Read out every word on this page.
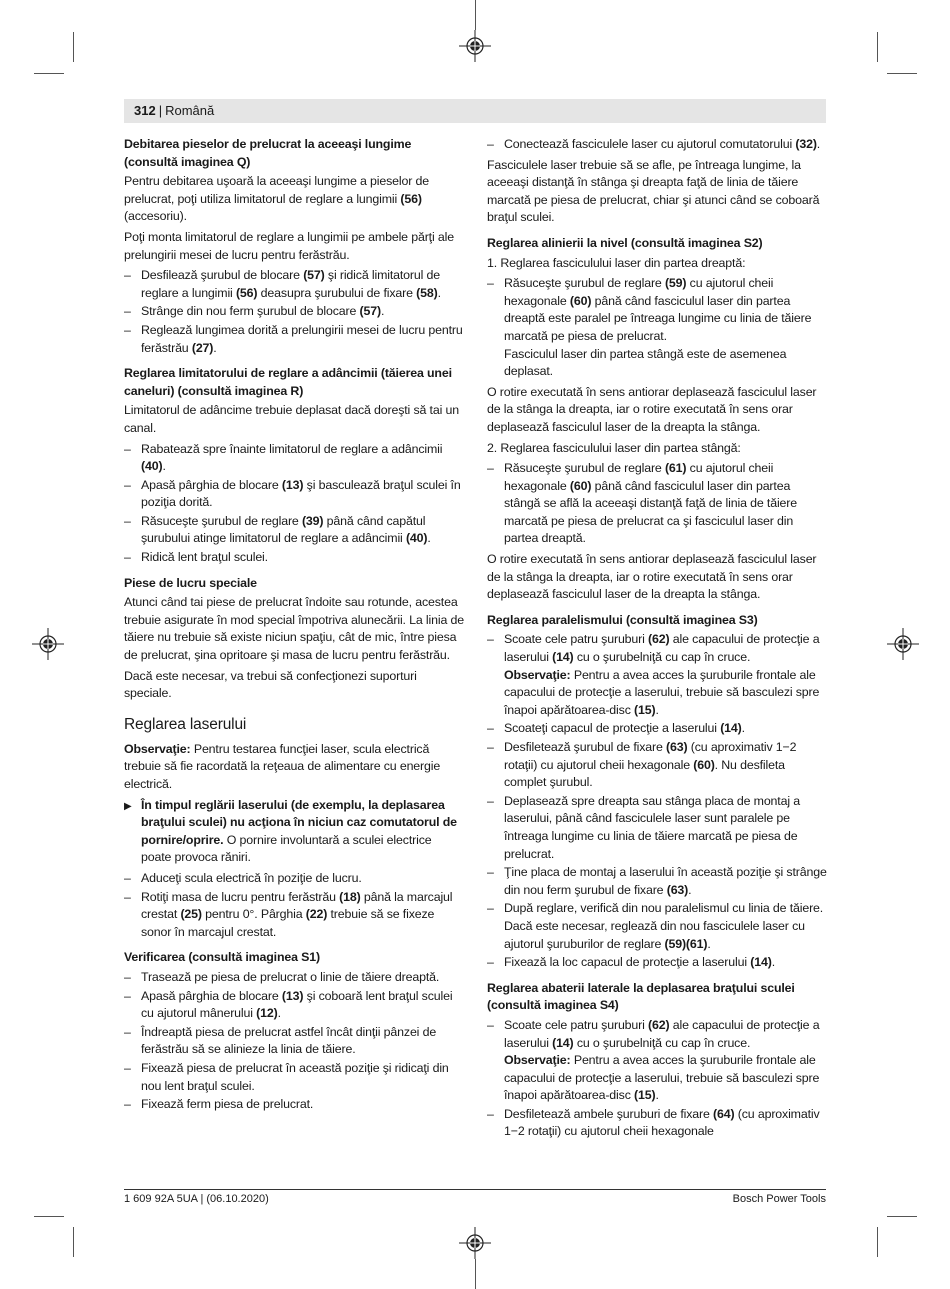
312 | Română
Debitarea pieselor de prelucrat la aceeaşi lungime (consultă imaginea Q)

Pentru debitarea uşoară la aceeaşi lungime a pieselor de prelucrat, poţi utiliza limitatorul de reglare a lungimii (56) (accesoriu).

Poţi monta limitatorul de reglare a lungimii pe ambele părţi ale prelungirii mesei de lucru pentru ferăstrău.

– Desfilează şurubul de blocare (57) şi ridică limitatorul de reglare a lungimii (56) deasupra şurubului de fixare (58).
– Strânge din nou ferm şurubul de blocare (57).
– Reglează lungimea dorită a prelungirii mesei de lucru pentru ferăstrău (27).
Reglarea limitatorului de reglare a adâncimii (tăierea unei caneluri) (consultă imaginea R)

Limitatorul de adâncime trebuie deplasat dacă doreşti să tai un canal.

– Rabatează spre înainte limitatorul de reglare a adâncimii (40).
– Apasă pârghia de blocare (13) şi basculează braţul sculei în poziţia dorită.
– Răsuceşte şurubul de reglare (39) până când capătul şurubului atinge limitatorul de reglare a adâncimii (40).
– Ridică lent braţul sculei.
Piese de lucru speciale

Atunci când tai piese de prelucrat îndoite sau rotunde, acestea trebuie asigurate în mod special împotriva alunecării. La linia de tăiere nu trebuie să existe niciun spaţiu, cât de mic, între piesa de prelucrat, şina opritoare şi masa de lucru pentru ferăstrău.

Dacă este necesar, va trebui să confecţionezi suporturi speciale.

Reglarea laserului

Observaţie: Pentru testarea funcţiei laser, scula electrică trebuie să fie racordată la reţeaua de alimentare cu energie electrică.

▶ În timpul reglării laserului (de exemplu, la deplasarea braţului sculei) nu acţiona în niciun caz comutatorul de pornire/oprire. O pornire involuntară a sculei electrice poate provoca răniri.
– Aduceţi scula electrică în poziţie de lucru.
– Rotiţi masa de lucru pentru ferăstrău (18) până la marcajul crestat (25) pentru 0°. Pârghia (22) trebuie să se fixeze sonor în marcajul crestat.
Verificarea (consultă imaginea S1)
– Trasează pe piesa de prelucrat o linie de tăiere dreaptă.
– Apasă pârghia de blocare (13) şi coboară lent braţul sculei cu ajutorul mânerului (12).
– Îndreaptă piesa de prelucrat astfel încât dinţii pânzei de ferăstrău să se alinieze la linia de tăiere.
– Fixează piesa de prelucrat în această poziţie şi ridicaţi din nou lent braţul sculei.
– Fixează ferm piesa de prelucrat.
– Conectează fasciculele laser cu ajutorul comutatorului (32).

Fasciculele laser trebuie să se afle, pe întreaga lungime, la aceeaşi distanţă în stânga şi dreapta faţă de linia de tăiere marcată pe piesa de prelucrat, chiar şi atunci când se coboară braţul sculei.

Reglarea alinierii la nivel (consultă imaginea S2)

1. Reglarea fasciculului laser din partea dreaptă:

– Răsuceşte şurubul de reglare (59) cu ajutorul cheii hexagonale (60) până când fasciculul laser din partea dreaptă este paralel pe întreaga lungime cu linia de tăiere marcată pe piesa de prelucrat.
Fasciculul laser din partea stângă este de asemenea deplasat.

O rotire executată în sens antiorar deplasează fasciculul laser de la stânga la dreapta, iar o rotire executată în sens orar deplasează fasciculul laser de la dreapta la stânga.

2. Reglarea fasciculului laser din partea stângă:

– Răsuceşte şurubul de reglare (61) cu ajutorul cheii hexagonale (60) până când fasciculul laser din partea stângă se află la aceeaşi distanţă faţă de linia de tăiere marcată pe piesa de prelucrat ca şi fasciculul laser din partea dreaptă.

O rotire executată în sens antiorar deplasează fasciculul laser de la stânga la dreapta, iar o rotire executată în sens orar deplasează fasciculul laser de la dreapta la stânga.

Reglarea paralelismului (consultă imaginea S3)
– Scoate cele patru şuruburi (62) ale capacului de protecţie a laserului (14) cu o şurubelniţă cu cap în cruce.
Observaţie: Pentru a avea acces la şuruburile frontale ale capacului de protecţie a laserului, trebuie să basculezi spre înapoi apărătoarea-disc (15).
– Scoateţi capacul de protecţie a laserului (14).
– Desfiletează şurubul de fixare (63) (cu aproximativ 1−2 rotaţii) cu ajutorul cheii hexagonale (60). Nu desfileta complet şurubul.
– Deplasează spre dreapta sau stânga placa de montaj a laserului, până când fasciculele laser sunt paralele pe întreaga lungime cu linia de tăiere marcată pe piesa de prelucrat.
– Ţine placa de montaj a laserului în această poziţie şi strânge din nou ferm şurubul de fixare (63).
– După reglare, verifică din nou paralelismul cu linia de tăiere. Dacă este necesar, reglează din nou fasciculele laser cu ajutorul şuruburilor de reglare (59)(61).
– Fixează la loc capacul de protecţie a laserului (14).
Reglarea abaterii laterale la deplasarea braţului sculei (consultă imaginea S4)
– Scoate cele patru şuruburi (62) ale capacului de protecţie a laserului (14) cu o şurubelniţă cu cap în cruce.
Observaţie: Pentru a avea acces la şuruburile frontale ale capacului de protecţie a laserului, trebuie să basculezi spre înapoi apărătoarea-disc (15).
– Desfiletează ambele şuruburi de fixare (64) (cu aproximativ 1−2 rotaţii) cu ajutorul cheii hexagonale
1 609 92A 5UA | (06.10.2020)	Bosch Power Tools
